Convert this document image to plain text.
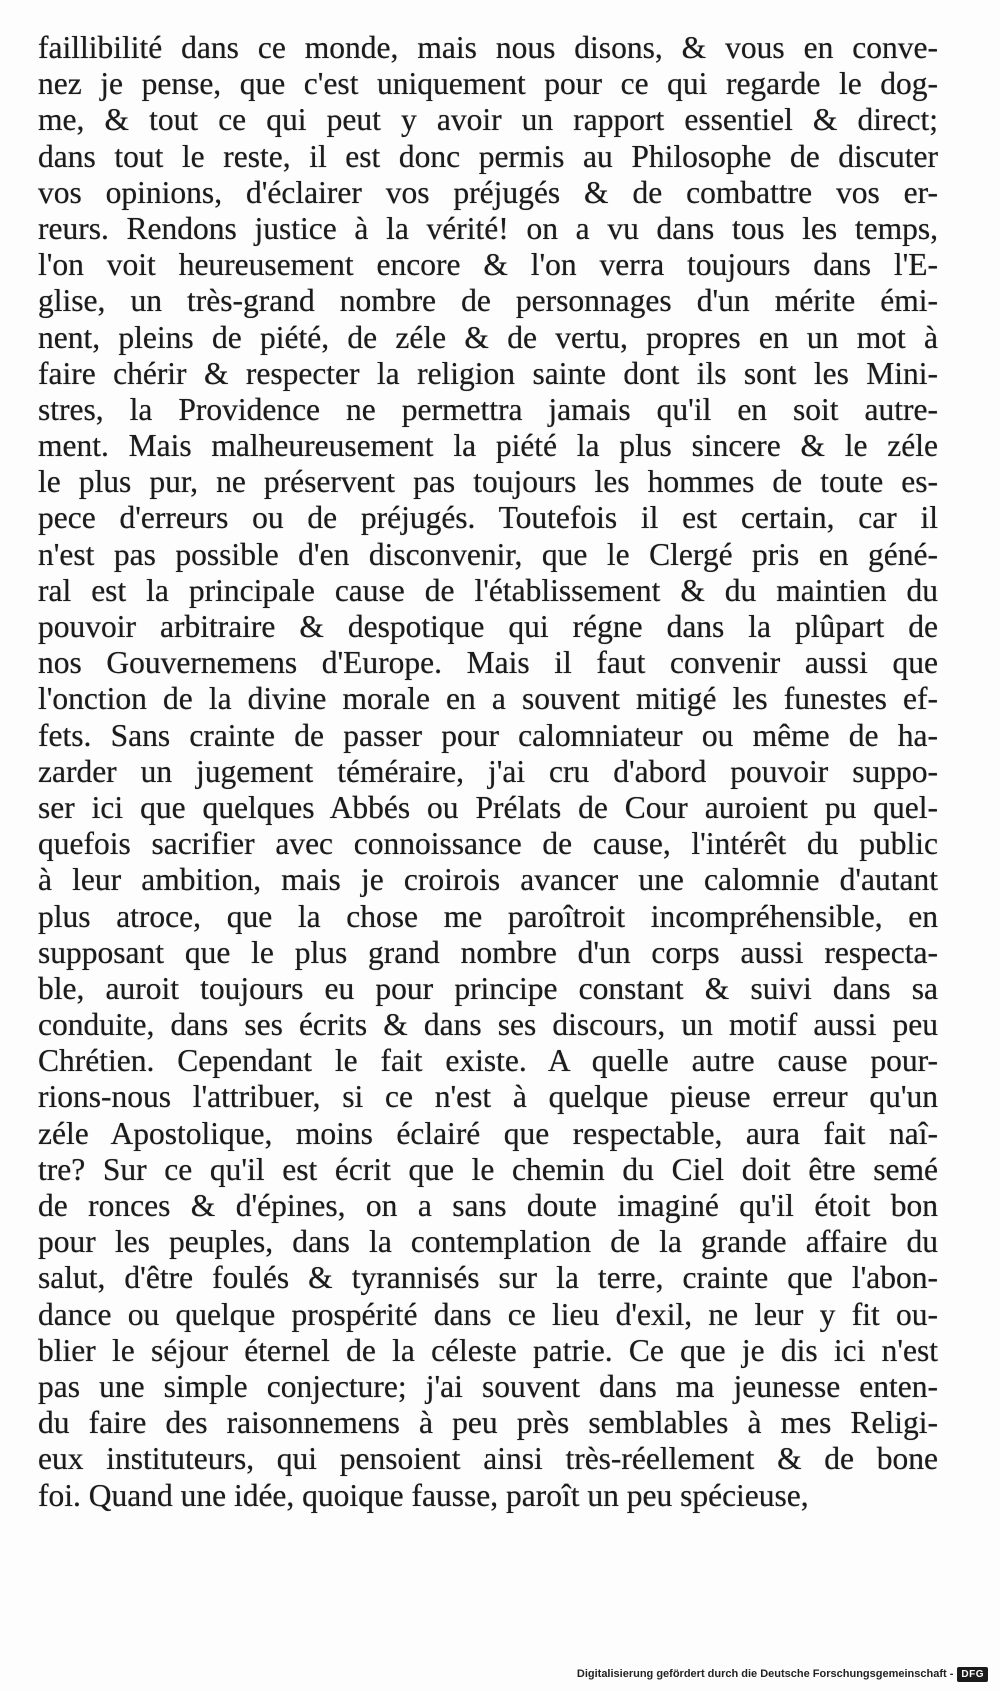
faillibilité dans ce monde, mais nous disons, & vous en conve-
nez je pense, que c'est uniquement pour ce qui regarde le dog-
me, & tout ce qui peut y avoir un rapport essentiel & direct;
dans tout le reste, il est donc permis au Philosophe de discuter
vos opinions, d'éclairer vos préjugés & de combattre vos er-
reurs. Rendons justice à la vérité! on a vu dans tous les temps,
l'on voit heureusement encore & l'on verra toujours dans l'E-
glise, un très-grand nombre de personnages d'un mérite émi-
nent, pleins de piété, de zéle & de vertu, propres en un mot à
faire chérir & respecter la religion sainte dont ils sont les Mini-
stres, la Providence ne permettra jamais qu'il en soit autre-
ment. Mais malheureusement la piété la plus sincere & le zéle
le plus pur, ne préservent pas toujours les hommes de toute es-
pece d'erreurs ou de préjugés. Toutefois il est certain, car il
n'est pas possible d'en disconvenir, que le Clergé pris en géné-
ral est la principale cause de l'établissement & du maintien du
pouvoir arbitraire & despotique qui régne dans la plûpart de
nos Gouvernemens d'Europe. Mais il faut convenir aussi que
l'onction de la divine morale en a souvent mitigé les funestes ef-
fets. Sans crainte de passer pour calomniateur ou même de ha-
zarder un jugement téméraire, j'ai cru d'abord pouvoir suppo-
ser ici que quelques Abbés ou Prélats de Cour auroient pu quel-
quefois sacrifier avec connoissance de cause, l'intérêt du public
à leur ambition, mais je croirois avancer une calomnie d'autant
plus atroce, que la chose me paroîtroit incompréhensible, en
supposant que le plus grand nombre d'un corps aussi respecta-
ble, auroit toujours eu pour principe constant & suivi dans sa
conduite, dans ses écrits & dans ses discours, un motif aussi peu
Chrétien. Cependant le fait existe. A quelle autre cause pour-
rions-nous l'attribuer, si ce n'est à quelque pieuse erreur qu'un
zéle Apostolique, moins éclairé que respectable, aura fait naî-
tre? Sur ce qu'il est écrit que le chemin du Ciel doit être semé
de ronces & d'épines, on a sans doute imaginé qu'il étoit bon
pour les peuples, dans la contemplation de la grande affaire du
salut, d'être foulés & tyrannisés sur la terre, crainte que l'abon-
dance ou quelque prospérité dans ce lieu d'exil, ne leur y fit ou-
blier le séjour éternel de la céleste patrie. Ce que je dis ici n'est
pas une simple conjecture; j'ai souvent dans ma jeunesse enten-
du faire des raisonnemens à peu près semblables à mes Religi-
eux instituteurs, qui pensoient ainsi très-réellement & de bone
foi. Quand une idée, quoique fausse, paroît un peu spécieuse,
Digitalisierung gefördert durch die Deutsche Forschungsgemeinschaft - DFG
